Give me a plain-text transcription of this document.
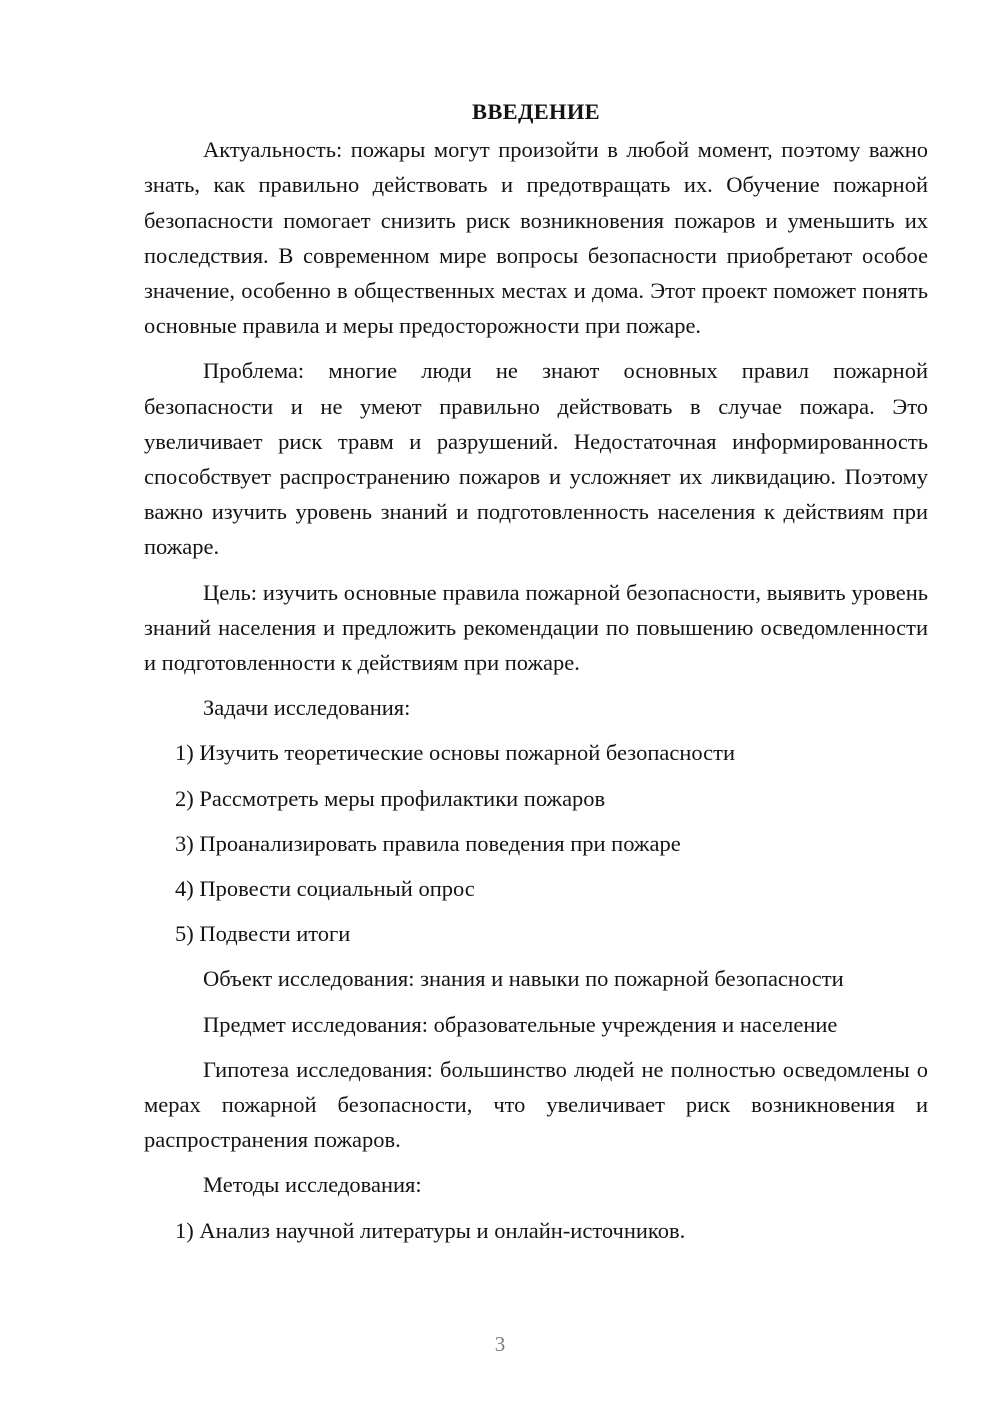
ВВЕДЕНИЕ

Актуальность: пожары могут произойти в любой момент, поэтому важно знать, как правильно действовать и предотвращать их. Обучение пожарной безопасности помогает снизить риск возникновения пожаров и уменьшить их последствия. В современном мире вопросы безопасности приобретают особое значение, особенно в общественных местах и дома. Этот проект поможет понять основные правила и меры предосторожности при пожаре.

Проблема: многие люди не знают основных правил пожарной безопасности и не умеют правильно действовать в случае пожара. Это увеличивает риск травм и разрушений. Недостаточная информированность способствует распространению пожаров и усложняет их ликвидацию. Поэтому важно изучить уровень знаний и подготовленность населения к действиям при пожаре.

Цель: изучить основные правила пожарной безопасности, выявить уровень знаний населения и предложить рекомендации по повышению осведомленности и подготовленности к действиям при пожаре.

Задачи исследования:
1) Изучить теоретические основы пожарной безопасности
2) Рассмотреть меры профилактики пожаров
3) Проанализировать правила поведения при пожаре
4) Провести социальный опрос
5) Подвести итоги
Объект исследования: знания и навыки по пожарной безопасности
Предмет исследования: образовательные учреждения и население

Гипотеза исследования: большинство людей не полностью осведомлены о мерах пожарной безопасности, что увеличивает риск возникновения и распространения пожаров.

Методы исследования:
1) Анализ научной литературы и онлайн-источников.
3
